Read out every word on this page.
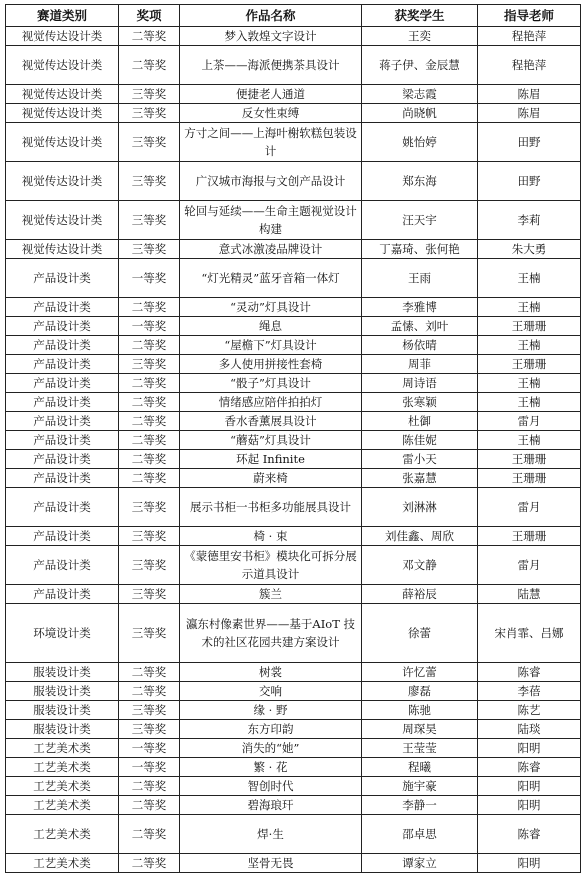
赛道类别	奖项	作品名称	获奖学生	指导老师
视觉传达设计类	二等奖	梦入敦煌文字设计	王奕	程艳萍
视觉传达设计类	二等奖	上茶——海派便携茶具设计	蒋子伊、金辰慧	程艳萍
视觉传达设计类	三等奖	便捷老人通道	梁志霞	陈眉
视觉传达设计类	三等奖	反女性束缚	尚晓帆	陈眉
视觉传达设计类	三等奖	方寸之间——上海叶榭软糕包装设计	姚怡婷	田野
视觉传达设计类	三等奖	广汉城市海报与文创产品设计	郑东海	田野
视觉传达设计类	三等奖	轮回与延续——生命主题视觉设计构建	汪天宇	李莉
视觉传达设计类	三等奖	意式冰激凌品牌设计	丁嘉琦、张何艳	朱大勇
产品设计类	一等奖	“灯光精灵”蓝牙音箱一体灯	王雨	王楠
产品设计类	二等奖	“灵动”灯具设计	李雅博	王楠
产品设计类	一等奖	绳息	孟愫、刘叶	王珊珊
产品设计类	二等奖	“屋檐下”灯具设计	杨依晴	王楠
产品设计类	三等奖	多人使用拼接性套椅	周菲	王珊珊
产品设计类	二等奖	“骰子”灯具设计	周诗语	王楠
产品设计类	二等奖	情绪感应陪伴拍拍灯	张寒颖	王楠
产品设计类	二等奖	香水香薰展具设计	杜御	雷月
产品设计类	二等奖	“蘑菇”灯具设计	陈佳妮	王楠
产品设计类	二等奖	环起 Infinite	雷小天	王珊珊
产品设计类	二等奖	蔚来椅	张嘉慧	王珊珊
产品设计类	三等奖	展示书柜一书柜多功能展具设计	刘淋淋	雷月
产品设计类	三等奖	椅 · 束	刘佳鑫、周欣	王珊珊
产品设计类	三等奖	《蒙德里安书柜》模块化可拆分展示道具设计	邓文静	雷月
产品设计类	三等奖	簇兰	薛裕辰	陆慧
环境设计类	三等奖	瀛东村像素世界——基于AIoT 技术的社区花园共建方案设计	徐蕾	宋肖霏、吕娜
服装设计类	二等奖	树裳	许忆蕾	陈睿
服装设计类	二等奖	交响	廖磊	李蓓
服装设计类	三等奖	缘 · 野	陈驰	陈艺
服装设计类	三等奖	东方印韵	周琛昊	陆琰
工艺美术类	一等奖	消失的“她”	王莹莹	阳明
工艺美术类	一等奖	繁 · 花	程曦	陈睿
工艺美术类	二等奖	智创时代	施宇豪	阳明
工艺美术类	二等奖	碧海琅玕	李静一	阳明
工艺美术类	二等奖	焊·生	邵卓思	陈睿
工艺美术类	二等奖	坚骨无畏	谭家立	阳明
